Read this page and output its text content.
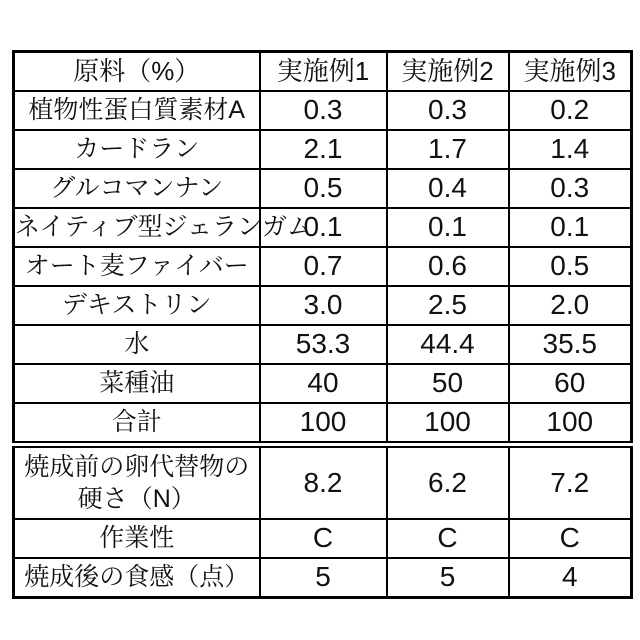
原料（%）	実施例1	実施例2	実施例3
植物性蛋白質素材A	0.3	0.3	0.2
カードラン	2.1	1.7	1.4
グルコマンナン	0.5	0.4	0.3
ネイティブ型ジェランガム	0.1	0.1	0.1
オート麦ファイバー	0.7	0.6	0.5
デキストリン	3.0	2.5	2.0
水	53.3	44.4	35.5
菜種油	40	50	60
合計	100	100	100
焼成前の卵代替物の
硬さ（N）	8.2	6.2	7.2
作業性	C	C	C
焼成後の食感（点）	5	5	4
